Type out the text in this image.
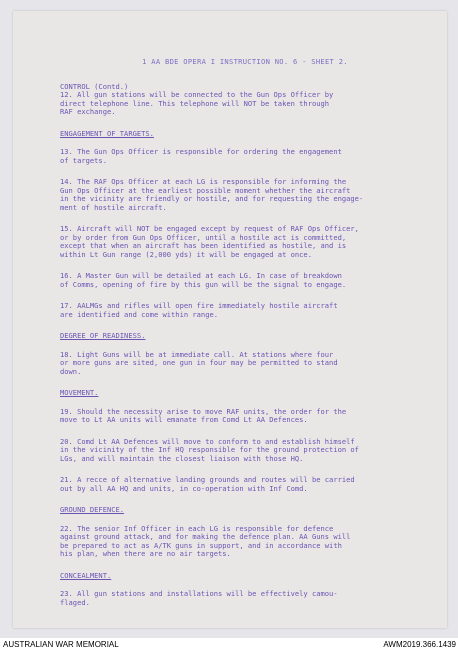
1 AA BDE OPERA I INSTRUCTION NO. 6 - SHEET 2.
CONTROL (Contd.)
12. All gun stations will be connected to the Gun Ops Officer by
direct telephone line. This telephone will NOT be taken through
RAF exchange.
ENGAGEMENT OF TARGETS.
13. The Gun Ops Officer is responsible for ordering the engagement
of targets.
14. The RAF Ops Officer at each LG is responsible for informing the
Gun Ops Officer at the earliest possible moment whether the aircraft
in the vicinity are friendly or hostile, and for requesting the engage-
ment of hostile aircraft.
15. Aircraft will NOT be engaged except by request of RAF Ops Officer,
or by order from Gun Ops Officer, until a hostile act is committed,
except that when an aircraft has been identified as hostile, and is
within Lt Gun range (2,000 yds) it will be engaged at once.
16. A Master Gun will be detailed at each LG. In case of breakdown
of Comms, opening of fire by this gun will be the signal to engage.
17. AALMGs and rifles will open fire immediately hostile aircraft
are identified and come within range.
DEGREE OF READINESS.
18. Light Guns will be at immediate call. At stations where four
or more guns are sited, one gun in four may be permitted to stand
down.
MOVEMENT.
19. Should the necessity arise to move RAF units, the order for the
move to Lt AA units will emanate from Comd Lt AA Defences.
20. Comd Lt AA Defences will move to conform to and establish himself
in the vicinity of the Inf HQ responsible for the ground protection of
LGs, and will maintain the closest liaison with those HQ.
21. A recce of alternative landing grounds and routes will be carried
out by all AA HQ and units, in co-operation with Inf Comd.
GROUND DEFENCE.
22. The senior Inf Officer in each LG is responsible for defence
against ground attack, and for making the defence plan. AA Guns will
be prepared to act as A/TK guns in support, and in accordance with
his plan, when there are no air targets.
CONCEALMENT.
23. All gun stations and installations will be effectively camou-
flaged.
AUSTRALIAN WAR MEMORIAL	AWM2019.366.1439
